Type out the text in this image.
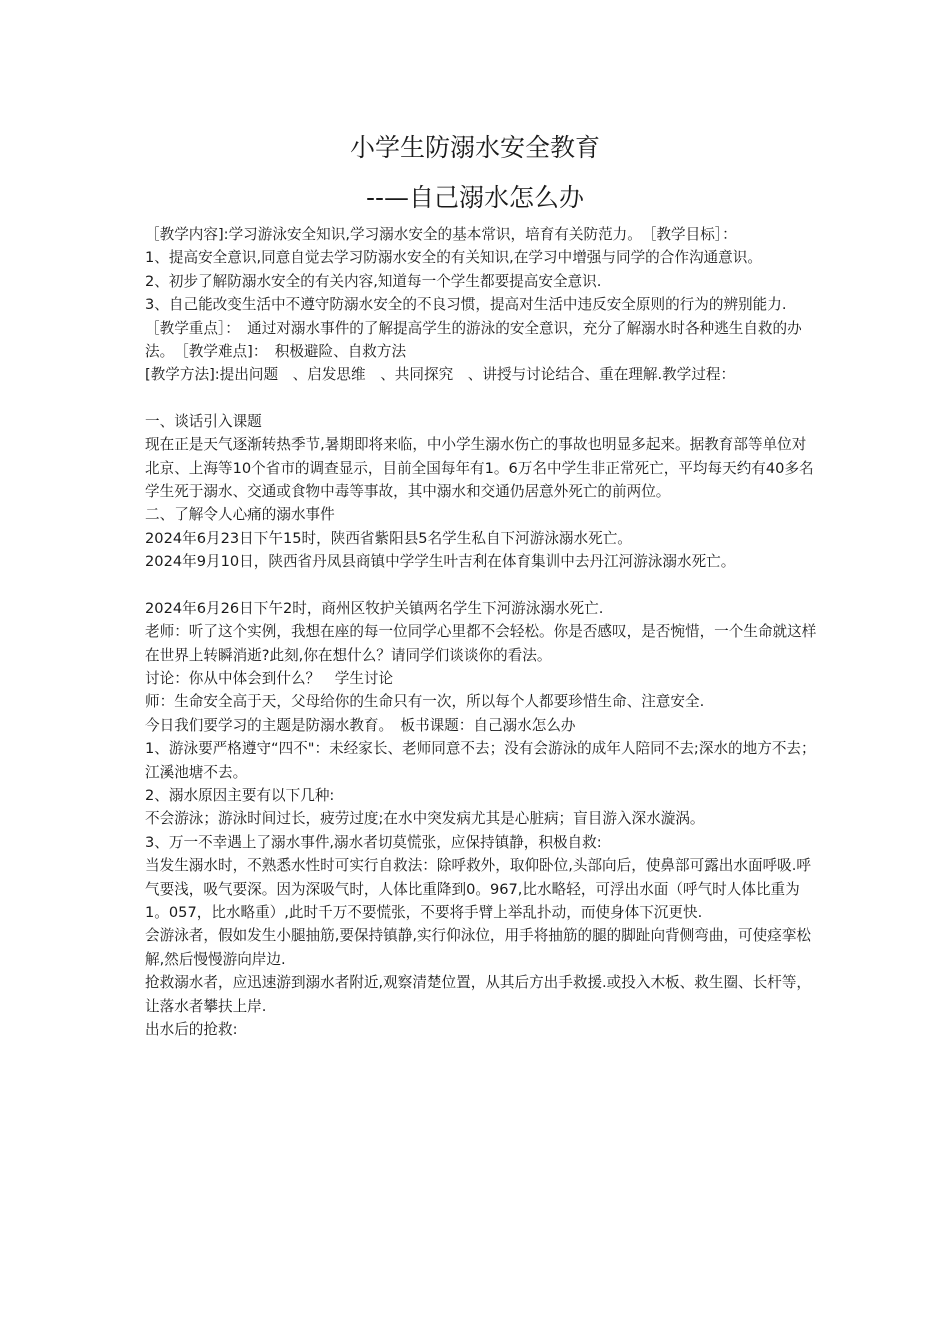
小学生防溺水安全教育
--—自己溺水怎么办

［教学内容]:学习游泳安全知识,学习溺水安全的基本常识，培育有关防范力。　［教学目标］：

1、提高安全意识,同意自觉去学习防溺水安全的有关知识,在学习中增强与同学的合作沟通意识。

2、初步了解防溺水安全的有关内容,知道每一个学生都要提高安全意识.

3、自己能改变生活中不遵守防溺水安全的不良习惯，提高对生活中违反安全原则的行为的辨别能力.

［教学重点］：　通过对溺水事件的了解提高学生的游泳的安全意识，充分了解溺水时各种逃生自救的办法。　［教学难点]：　积极避险、自救方法

[教学方法]:提出问题　、启发思维　、共同探究　、讲授与讨论结合、重在理解.教学过程：

一、谈话引入课题

现在正是天气逐渐转热季节,暑期即将来临，中小学生溺水伤亡的事故也明显多起来。据教育部等单位对北京、上海等10个省市的调查显示，目前全国每年有1。6万名中学生非正常死亡，平均每天约有40多名学生死于溺水、交通或食物中毒等事故，其中溺水和交通仍居意外死亡的前两位。

二、了解令人心痛的溺水事件

2024年6月23日下午15时，陕西省紫阳县5名学生私自下河游泳溺水死亡。

2024年9月10日，陕西省丹凤县商镇中学学生叶吉利在体育集训中去丹江河游泳溺水死亡。

2024年6月26日下午2时，商州区牧护关镇两名学生下河游泳溺水死亡.

老师：听了这个实例，我想在座的每一位同学心里都不会轻松。你是否感叹，是否惋惜，一个生命就这样在世界上转瞬消逝?此刻,你在想什么？请同学们谈谈你的看法。

讨论：你从中体会到什么？　学生讨论

师：生命安全高于天，父母给你的生命只有一次，所以每个人都要珍惜生命、注意安全.

今日我们要学习的主题是防溺水教育。　板书课题：自己溺水怎么办

1、游泳要严格遵守“四不"：未经家长、老师同意不去；没有会游泳的成年人陪同不去;深水的地方不去；江溪池塘不去。

2、溺水原因主要有以下几种:

不会游泳；游泳时间过长，疲劳过度;在水中突发病尤其是心脏病；盲目游入深水漩涡。

3、万一不幸遇上了溺水事件,溺水者切莫慌张，应保持镇静，积极自救:

当发生溺水时，不熟悉水性时可实行自救法：除呼救外，取仰卧位,头部向后，使鼻部可露出水面呼吸.呼气要浅，吸气要深。因为深吸气时，人体比重降到0。967,比水略轻，可浮出水面（呼气时人体比重为1。057，比水略重）,此时千万不要慌张，不要将手臂上举乱扑动，而使身体下沉更快.

会游泳者，假如发生小腿抽筋,要保持镇静,实行仰泳位，用手将抽筋的腿的脚趾向背侧弯曲，可使痉挛松解,然后慢慢游向岸边.

抢救溺水者，应迅速游到溺水者附近,观察清楚位置，从其后方出手救援.或投入木板、救生圈、长杆等，让落水者攀扶上岸.

出水后的抢救:
